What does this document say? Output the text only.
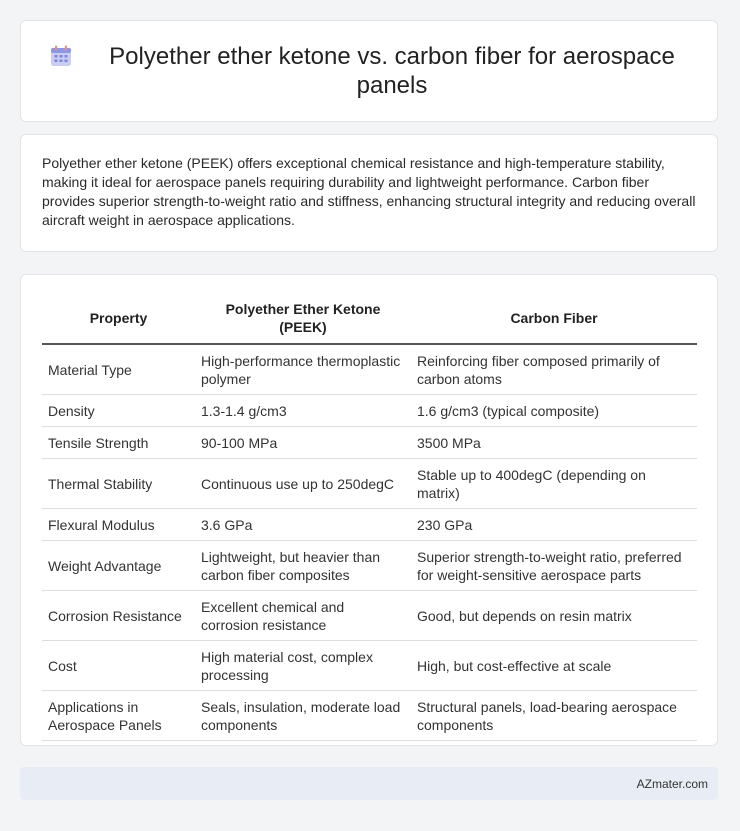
Polyether ether ketone vs. carbon fiber for aerospace panels

Polyether ether ketone (PEEK) offers exceptional chemical resistance and high-temperature stability, making it ideal for aerospace panels requiring durability and lightweight performance. Carbon fiber provides superior strength-to-weight ratio and stiffness, enhancing structural integrity and reducing overall aircraft weight in aerospace applications.

Property	Polyether Ether Ketone (PEEK)	Carbon Fiber
Material Type	High-performance thermoplastic polymer	Reinforcing fiber composed primarily of carbon atoms
Density	1.3-1.4 g/cm3	1.6 g/cm3 (typical composite)
Tensile Strength	90-100 MPa	3500 MPa
Thermal Stability	Continuous use up to 250degC	Stable up to 400degC (depending on matrix)
Flexural Modulus	3.6 GPa	230 GPa
Weight Advantage	Lightweight, but heavier than carbon fiber composites	Superior strength-to-weight ratio, preferred for weight-sensitive aerospace parts
Corrosion Resistance	Excellent chemical and corrosion resistance	Good, but depends on resin matrix
Cost	High material cost, complex processing	High, but cost-effective at scale
Applications in Aerospace Panels	Seals, insulation, moderate load components	Structural panels, load-bearing aerospace components
AZmater.com
